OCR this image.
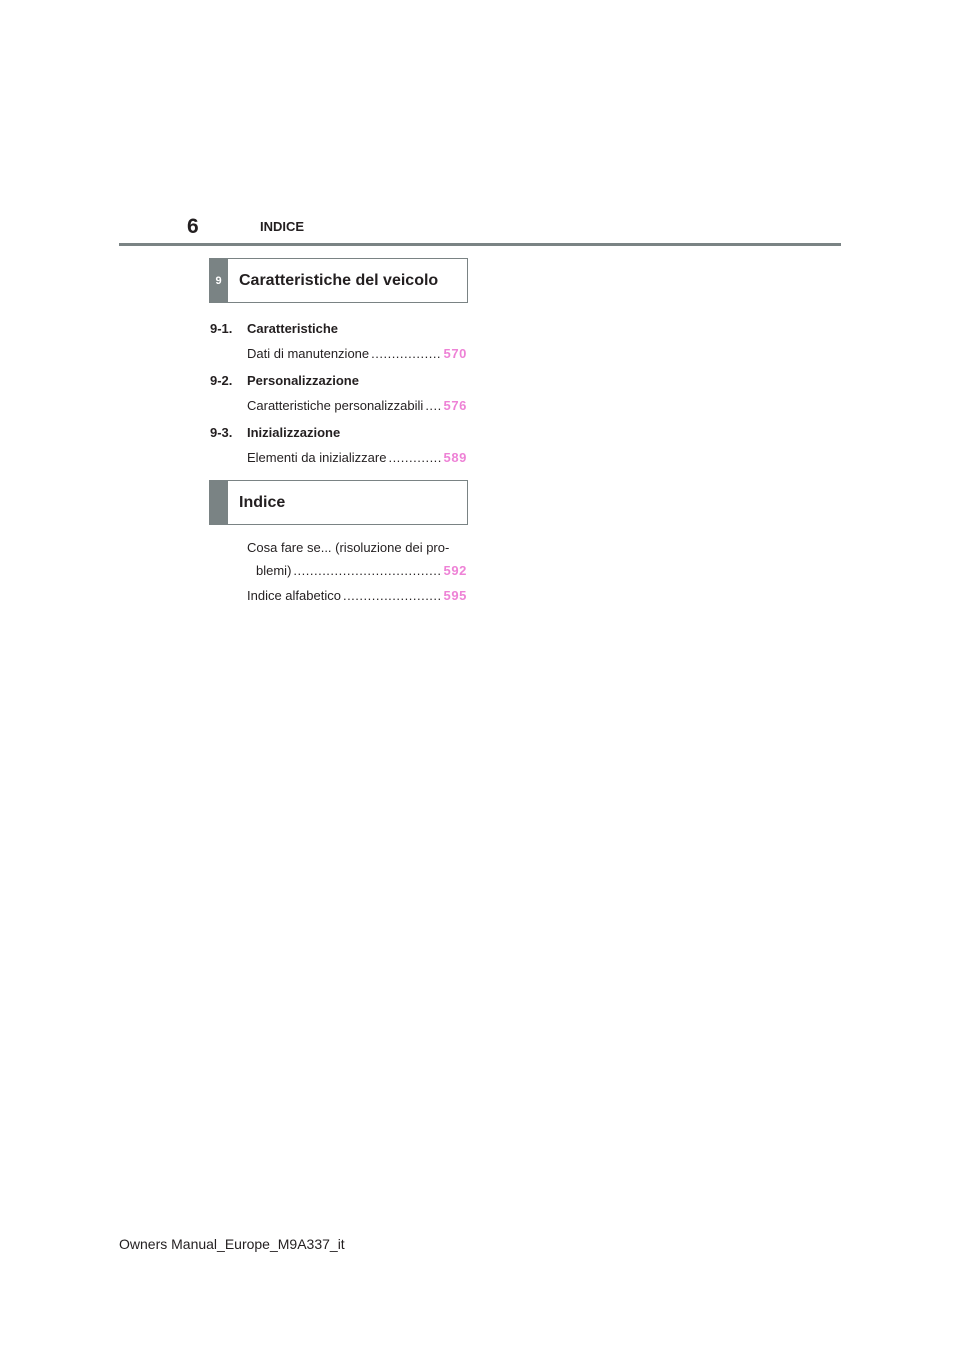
6	INDICE
9	Caratteristiche del veicolo
9-1. Caratteristiche
Dati di manutenzione .....	570
9-2. Personalizzazione
Caratteristiche personalizzabili ..... 576
9-3. Inizializzazione
Elementi da inizializzare .....	589
Indice
Cosa fare se... (risoluzione dei pro-
blemi) .....	592
Indice alfabetico .....	595
Owners Manual_Europe_M9A337_it
